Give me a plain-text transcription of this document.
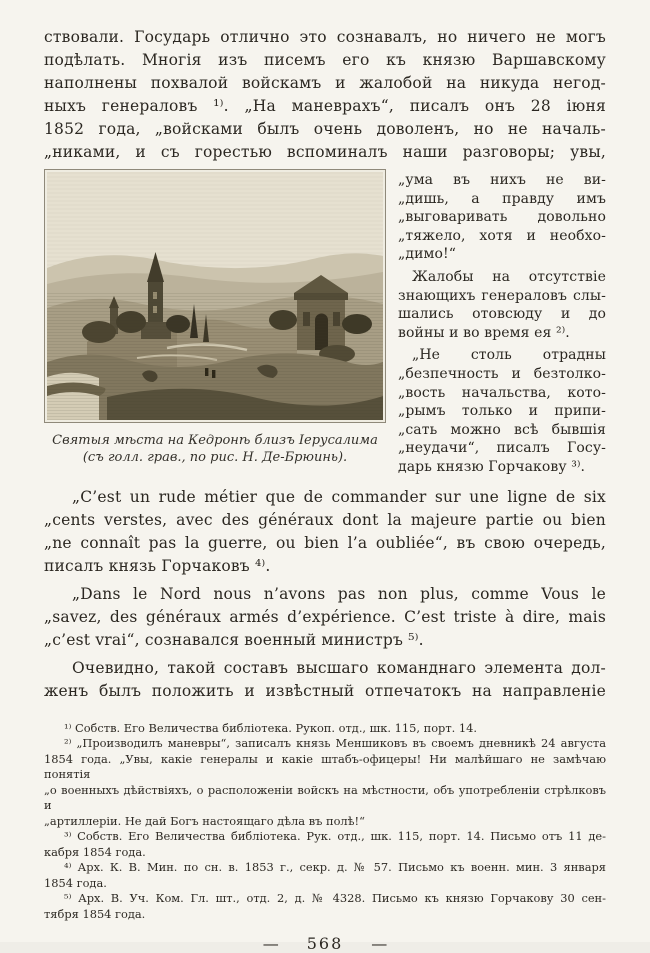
ствовали. Государь отлично это сознавалъ, но ничего не могъ
подѣлать. Многія изъ писемъ его къ князю Варшавскому
наполнены похвалой войскамъ и жалобой на никуда негод-
ныхъ генераловъ ¹⁾. „На маневрахъ“, писалъ онъ 28 іюня
1852 года, „войсками былъ очень доволенъ, но не началь-
„никами, и съ горестью вспоминалъ наши разговоры; увы,
Святыя мѣста на Кедронѣ близъ Іерусалима
(съ голл. грав., по рис. Н. Де-Брюинь).
„ума въ нихъ не ви-
„дишь, а правду имъ
„выговаривать довольно
„тяжело, хотя и необхо-
„димо!“
Жалобы на отсутствіе
знающихъ генераловъ слы-
шались отовсюду и до
войны и во время ея ²⁾.
„Не столь отрадны
„безпечность и безтолко-
„вость начальства, кото-
„рымъ только и припи-
„сать можно всѣ бывшія
„неудачи“, писалъ Госу-
дарь князю Горчакову ³⁾.
„C’est un rude métier que de commander sur une ligne de six
„cents verstes, avec des généraux dont la majeure partie ou bien
„ne connaît pas la guerre, ou bien l’a oubliée“, въ свою очередь,
писалъ князь Горчаковъ ⁴⁾.
„Dans le Nord nous n’avons pas non plus, comme Vous le
„savez, des généraux armés d’expérience. C’est triste à dire, mais
„c’est vrai“, сознавался военный министръ ⁵⁾.
Очевидно, такой составъ высшаго команднаго элемента дол-
женъ былъ положить и извѣстный отпечатокъ на направленіе
¹⁾ Собств. Его Величества библіотека. Рукоп. отд., шк. 115, порт. 14.
²⁾ „Производилъ маневры“, записалъ князь Меншиковъ въ своемъ дневникѣ 24 августа
1854 года. „Увы, какіе генералы и какіе штабъ-офицеры! Ни малѣйшаго не замѣчаю понятія
„о военныхъ дѣйствіяхъ, о расположеніи войскъ на мѣстности, объ употребленіи стрѣлковъ и
„артиллеріи. Не дай Богъ настоящаго дѣла въ полѣ!“
³⁾ Собств. Его Величества библіотека. Рук. отд., шк. 115, порт. 14. Письмо отъ 11 де-
кабря 1854 года.
⁴⁾ Арх. К. В. Мин. по сн. в. 1853 г., секр. д. № 57. Письмо къ военн. мин. 3 января
1854 года.
⁵⁾ Арх. В. Уч. Ком. Гл. шт., отд. 2, д. № 4328. Письмо къ князю Горчакову 30 сен-
тября 1854 года.
— 568 —
